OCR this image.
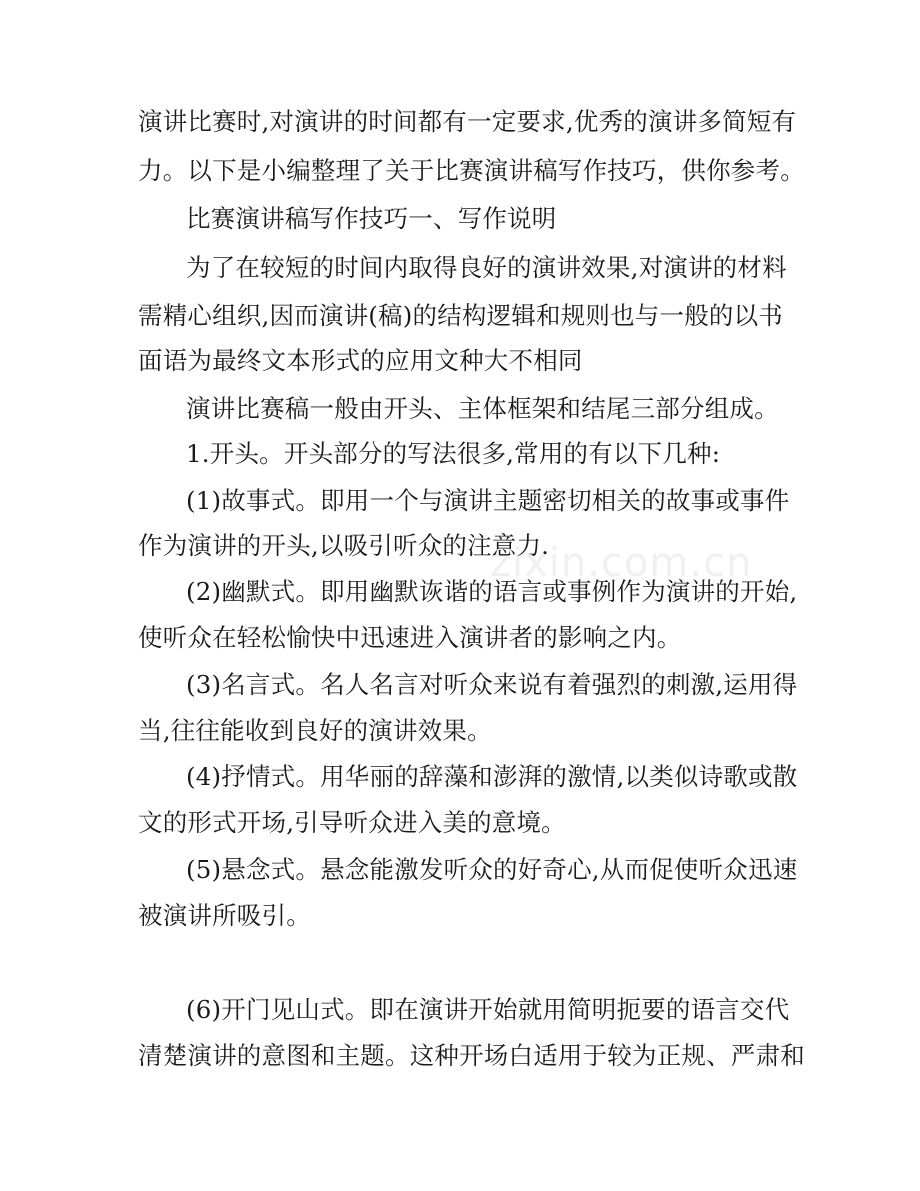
zixin.com.cn
演讲比赛时,对演讲的时间都有一定要求,优秀的演讲多简短有
力。以下是小编整理了关于比赛演讲稿写作技巧，供你参考。
比赛演讲稿写作技巧一、写作说明
为了在较短的时间内取得良好的演讲效果,对演讲的材料
需精心组织,因而演讲(稿)的结构逻辑和规则也与一般的以书
面语为最终文本形式的应用文种大不相同
演讲比赛稿一般由开头、主体框架和结尾三部分组成。
1.开头。开头部分的写法很多,常用的有以下几种:
(1)故事式。即用一个与演讲主题密切相关的故事或事件
作为演讲的开头,以吸引听众的注意力.
(2)幽默式。即用幽默诙谐的语言或事例作为演讲的开始,
使听众在轻松愉快中迅速进入演讲者的影响之内。
(3)名言式。名人名言对听众来说有着强烈的刺激,运用得
当,往往能收到良好的演讲效果。
(4)抒情式。用华丽的辞藻和澎湃的激情,以类似诗歌或散
文的形式开场,引导听众进入美的意境。
(5)悬念式。悬念能激发听众的好奇心,从而促使听众迅速
被演讲所吸引。
(6)开门见山式。即在演讲开始就用简明扼要的语言交代
清楚演讲的意图和主题。这种开场白适用于较为正规、严肃和
